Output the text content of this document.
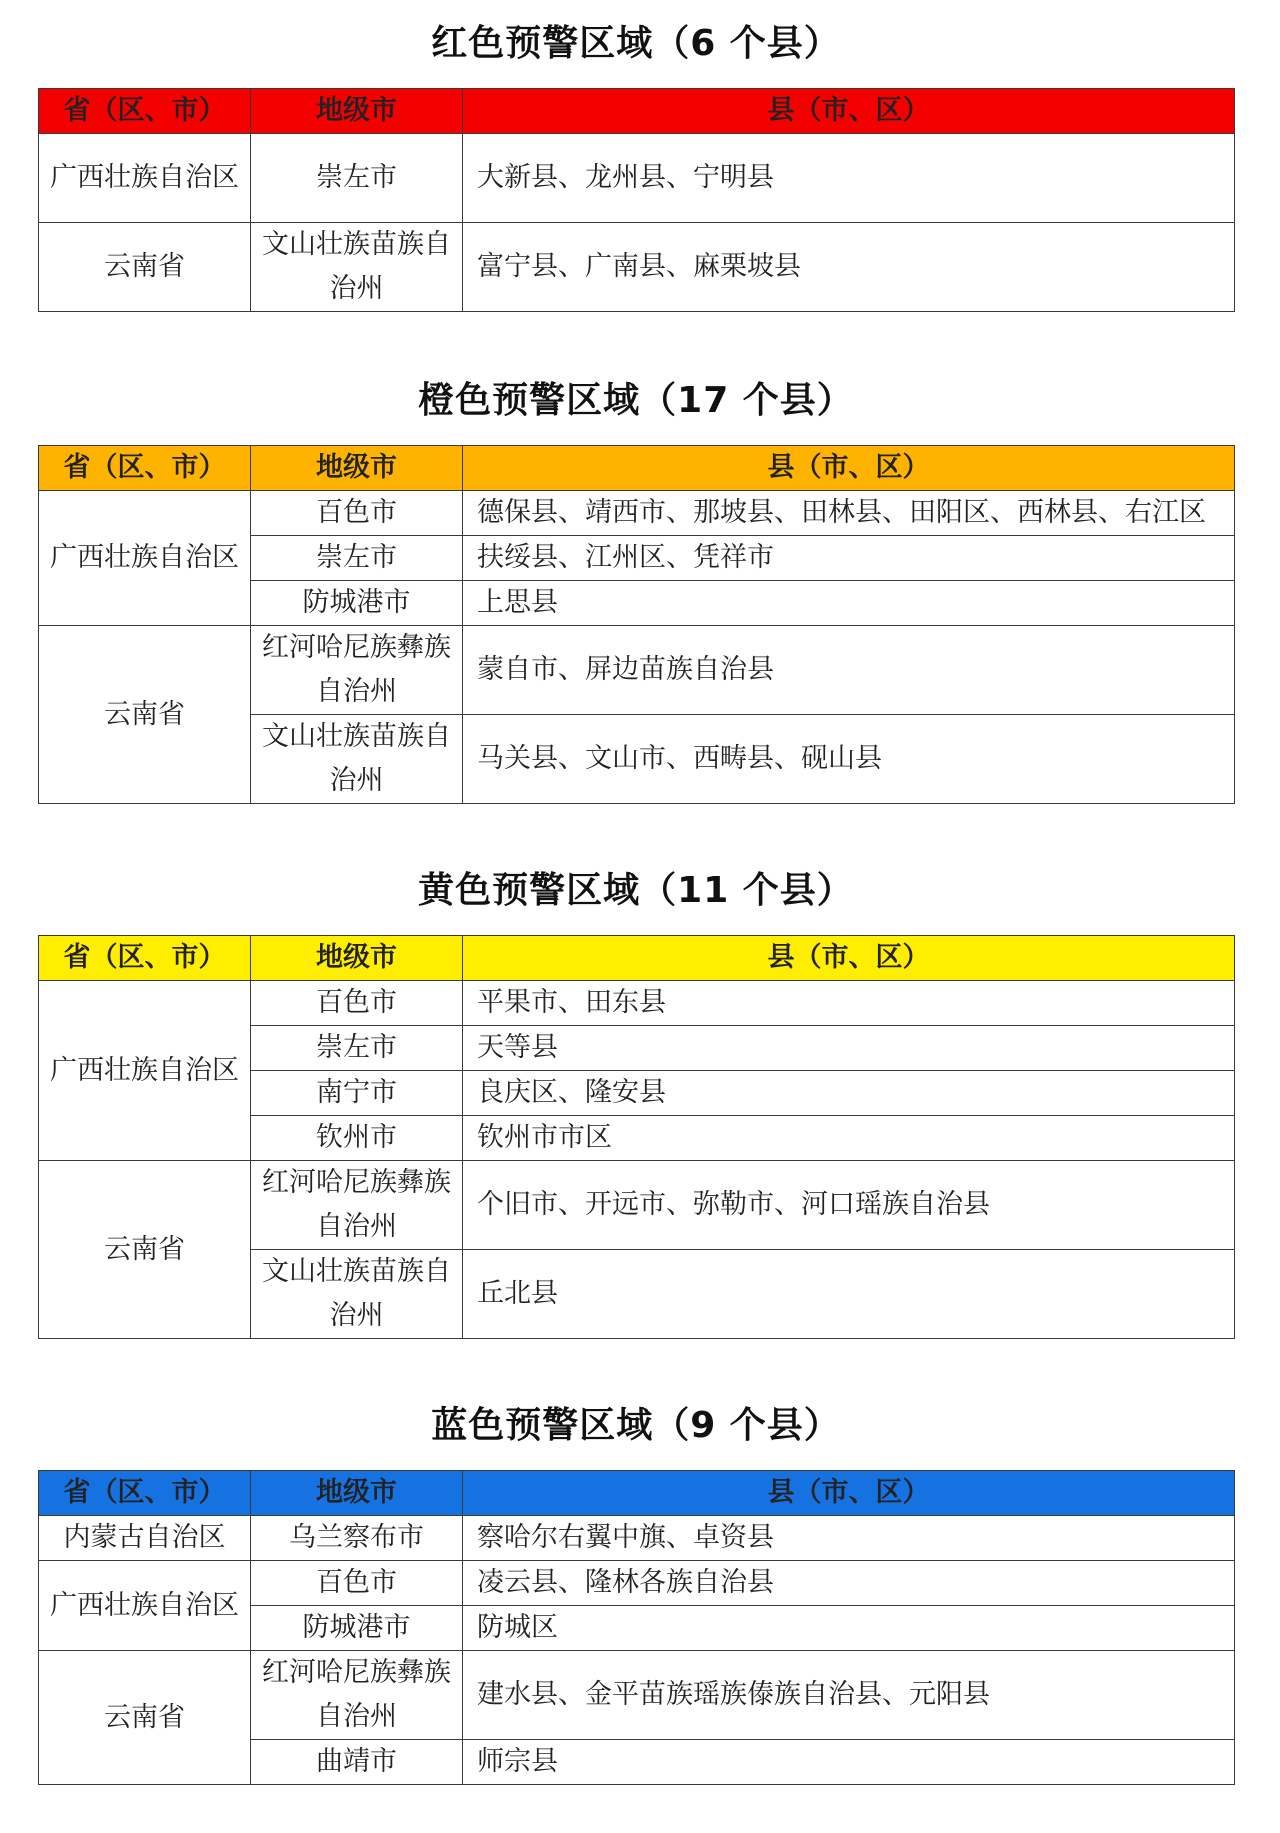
红色预警区域（6 个县）
省（区、市）	地级市	县（市、区）
广西壮族自治区	崇左市	大新县、龙州县、宁明县
云南省	文山壮族苗族自治州	富宁县、广南县、麻栗坡县
橙色预警区域（17 个县）
省（区、市）	地级市	县（市、区）
广西壮族自治区	百色市	德保县、靖西市、那坡县、田林县、田阳区、西林县、右江区
	崇左市	扶绥县、江州区、凭祥市
	防城港市	上思县
云南省	红河哈尼族彝族自治州	蒙自市、屏边苗族自治县
	文山壮族苗族自治州	马关县、文山市、西畴县、砚山县
黄色预警区域（11 个县）
省（区、市）	地级市	县（市、区）
广西壮族自治区	百色市	平果市、田东县
	崇左市	天等县
	南宁市	良庆区、隆安县
	钦州市	钦州市市区
云南省	红河哈尼族彝族自治州	个旧市、开远市、弥勒市、河口瑶族自治县
	文山壮族苗族自治州	丘北县
蓝色预警区域（9 个县）
省（区、市）	地级市	县（市、区）
内蒙古自治区	乌兰察布市	察哈尔右翼中旗、卓资县
广西壮族自治区	百色市	凌云县、隆林各族自治县
	防城港市	防城区
云南省	红河哈尼族彝族自治州	建水县、金平苗族瑶族傣族自治县、元阳县
	曲靖市	师宗县
